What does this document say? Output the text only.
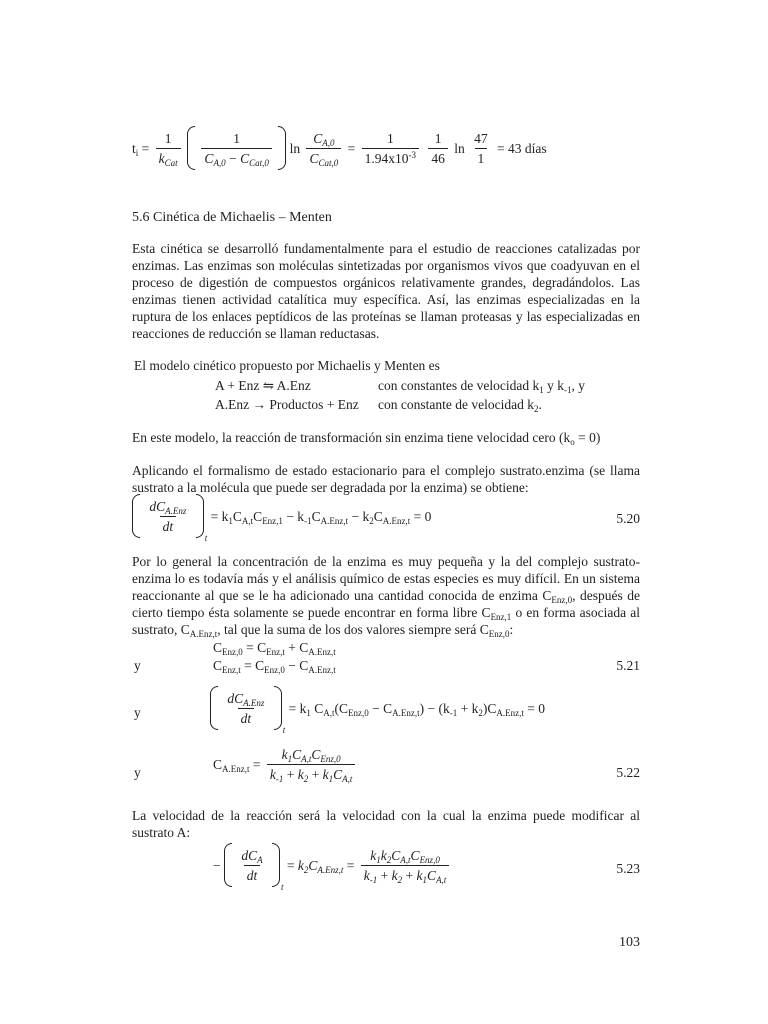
$t_i = \frac{1}{k_{Cat}}$
$\frac{1}{C_{A,0} - C_{Cat,0}}$ $\ln \frac{C_{A,0}}{C_{Cat,0}} = \frac{1}{1.94x10^{-3}}$
$\frac{1}{46}$ $\ln \frac{47}{1} = 43$ días
5.6 Cinética de Michaelis – Menten
Esta cinética se desarrolló fundamentalmente para el estudio de reacciones catalizadas por enzimas. Las enzimas son moléculas sintetizadas por organismos vivos que coadyuvan en el proceso de digestión de compuestos orgánicos relativamente grandes, degradándolos. Las enzimas tienen actividad catalítica muy específica. Así, las enzimas especializadas en la ruptura de los enlaces peptídicos de las proteínas se llaman proteasas y las especializadas en reacciones de reducción se llaman reductasas.
El modelo cinético propuesto por Michaelis y Menten es
A + Enz ⇋ A.Enz	con constantes de velocidad $k_1$ y $k_{-1}$, y
A.Enz → Productos + Enz con constante de velocidad $k_2$.
En este modelo, la reacción de transformación sin enzima tiene velocidad cero $(k_o = 0)$
Aplicando el formalismo de estado estacionario para el complejo sustrato.enzima (se llama sustrato a la molécula que puede ser degradada por la enzima) se obtiene:

$\frac{dC_{A.Enz}}{dt}$
$t = k_1C_{A,t}C_{Enz,1} - k_{-1}C_{A.Enz,t} - k_2C_{A.Enz,t} = 0$	5.20
Por lo general la concentración de la enzima es muy pequeña y la del complejo sustrato-enzima lo es todavía más y el análisis químico de estas especies es muy difícil. En un sistema reaccionante al que se le ha adicionado una cantidad conocida de enzima $C_{Enz,0}$, después de cierto tiempo ésta solamente se puede encontrar en forma libre $C_{Enz,1}$ o en forma asociada al sustrato, $C_{A.Enz,t}$, tal que la suma de los dos valores siempre será $C_{Enz,0}$:
$C_{Enz,0} = C_{Enz,t} + C_{A.Enz,t}$
y	$C_{Enz,t} = C_{Enz,0} - C_{A.Enz,t}$	5.21
y
	$\frac{dC_{A.Enz}}{dt}$
$t = k_1$ $C_{A,t}(C_{Enz,0} - C_{A.Enz,t}) - (k_{-1} + k_2)C_{A.Enz,t} = 0$
y
$C_{A.Enz,t} = \frac{k_1C_{A,t}C_{Enz,0}}{k_{-1} + k_2 + k_1C_{A,t}}$	5.22
La velocidad de la reacción será la velocidad con la cual la enzima puede modificar al sustrato A:
− $\frac{dC_A}{dt}$
$t = k_2C_{A.Enz,t} = \frac{k_1k_2C_{A,t}C_{Enz,0}}{k_{-1} + k_2 + k_1C_{A,t}}$	5.23
103
